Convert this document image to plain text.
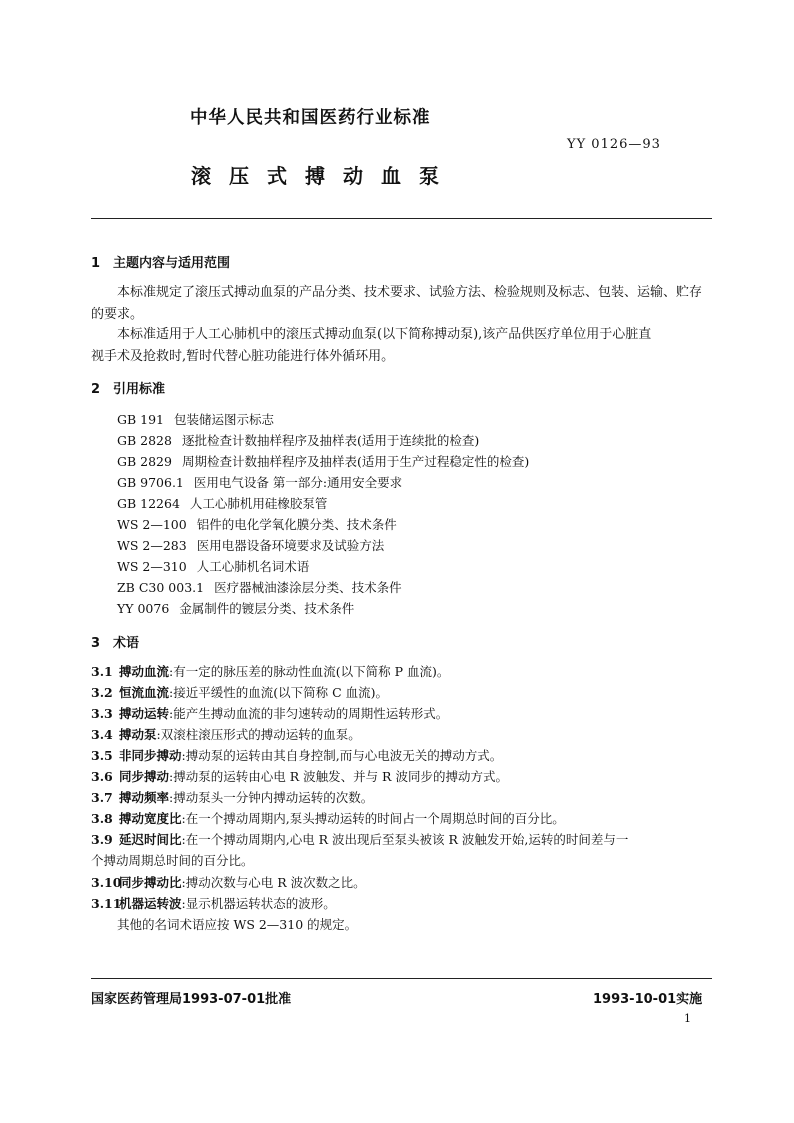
中华人民共和国医药行业标准

YY 0126—93

滚压式搏动血泵

1 主题内容与适用范围

本标准规定了滚压式搏动血泵的产品分类、技术要求、试验方法、检验规则及标志、包装、运输、贮存

的要求。

本标准适用于人工心肺机中的滚压式搏动血泵(以下简称搏动泵),该产品供医疗单位用于心脏直

视手术及抢救时,暂时代替心脏功能进行体外循环用。

2 引用标准

GB 191 包装储运图示标志

GB 2828 逐批检查计数抽样程序及抽样表(适用于连续批的检查)

GB 2829 周期检查计数抽样程序及抽样表(适用于生产过程稳定性的检查)

GB 9706.1 医用电气设备 第一部分:通用安全要求

GB 12264 人工心肺机用硅橡胶泵管

WS 2—100 铝件的电化学氧化膜分类、技术条件

WS 2—283 医用电器设备环境要求及试验方法

WS 2—310 人工心肺机名词术语

ZB C30 003.1 医疗器械油漆涂层分类、技术条件

YY 0076 金属制件的镀层分类、技术条件

3 术语

3.1 搏动血流:有一定的脉压差的脉动性血流(以下简称 P 血流)。

3.2 恒流血流:接近平缓性的血流(以下简称 C 血流)。

3.3 搏动运转:能产生搏动血流的非匀速转动的周期性运转形式。

3.4 搏动泵:双滚柱滚压形式的搏动运转的血泵。

3.5 非同步搏动:搏动泵的运转由其自身控制,而与心电波无关的搏动方式。

3.6 同步搏动:搏动泵的运转由心电 R 波触发、并与 R 波同步的搏动方式。

3.7 搏动频率:搏动泵头一分钟内搏动运转的次数。

3.8 搏动宽度比:在一个搏动周期内,泵头搏动运转的时间占一个周期总时间的百分比。

3.9 延迟时间比:在一个搏动周期内,心电 R 波出现后至泵头被该 R 波触发开始,运转的时间差与一

个搏动周期总时间的百分比。

3.10同步搏动比:搏动次数与心电 R 波次数之比。

3.11机器运转波:显示机器运转状态的波形。

其他的名词术语应按 WS 2—310 的规定。

国家医药管理局1993-07-01批准	1993-10-01实施

1
